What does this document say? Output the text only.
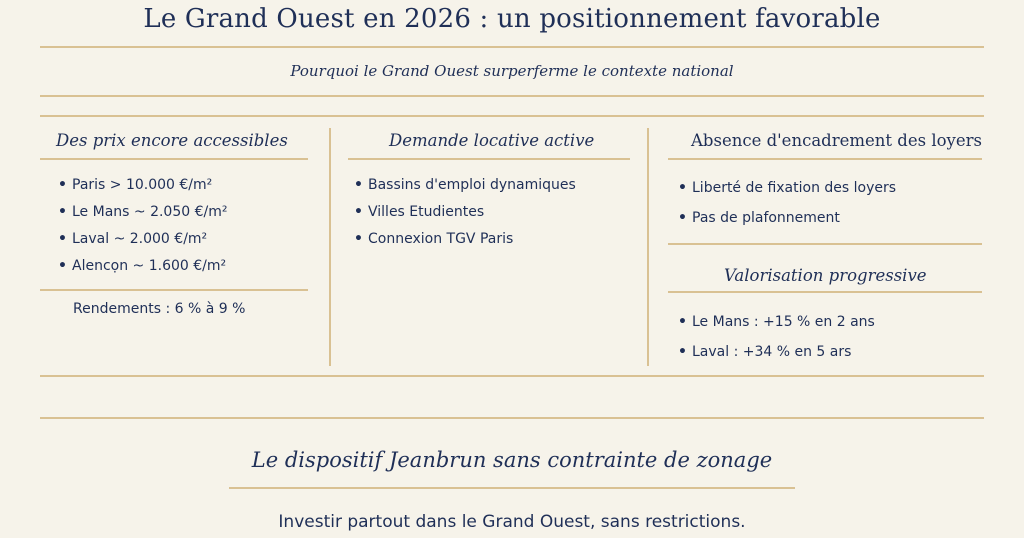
Le Grand Ouest en 2026 : un positionnement favorable
Pourquoi le Grand Ouest surperferme le contexte national
Des prix encore accessibles
• Paris > 10.000 €/m²
• Le Mans ~ 2.050 €/m²
• Laval ~ 2.000 €/m²
• Alencọn ~ 1.600 €/m²
Rendements : 6 % à 9 %
Demande locative active
• Bassins d'emploi dynamiques
• Villes Etudientes
• Connexion TGV Paris
Absence d'encadrement des loyers
• Liberté de fixation des loyers
• Pas de plafonnement
Valorisation progressive
• Le Mans : +15 % en 2 ans
• Laval : +34 % en 5 ars
Le dispositif Jeanbrun sans contrainte de zonage
Investir partout dans le Grand Ouest, sans restrictions.
